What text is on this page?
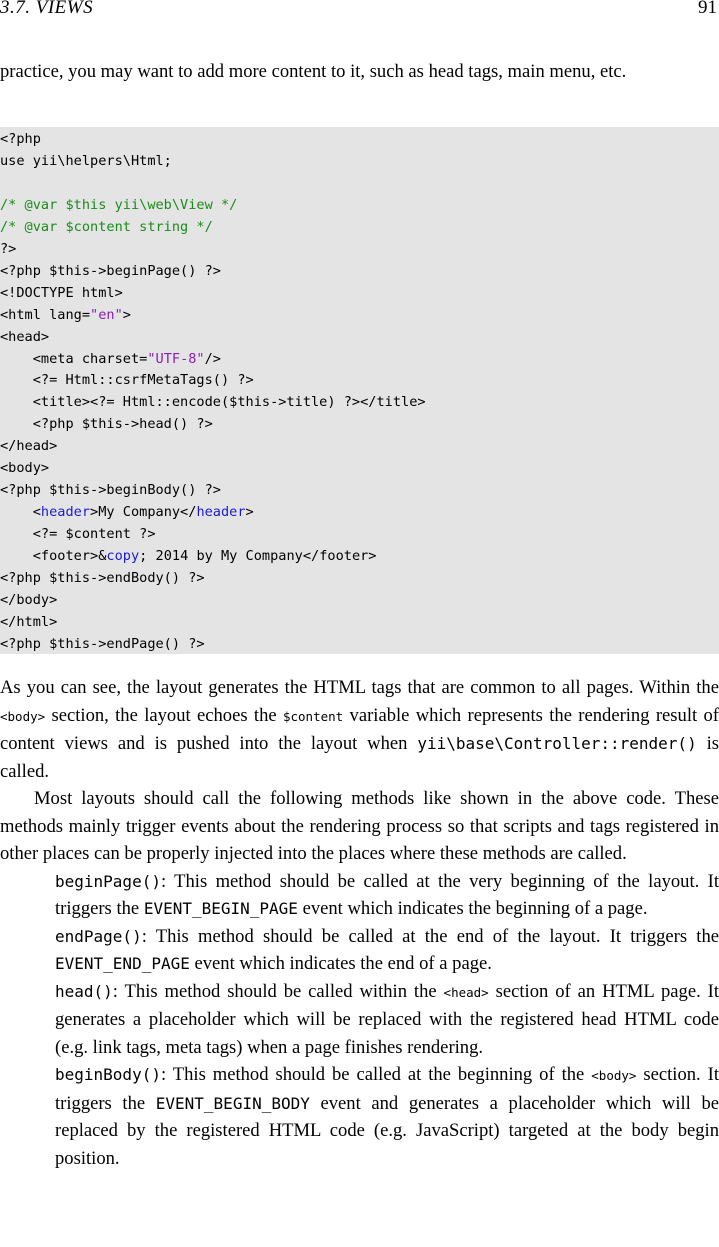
3.7. VIEWS	91
practice, you may want to add more content to it, such as head tags, main menu, etc.
<?php
use yii\helpers\Html;

/* @var $this yii\web\View */
/* @var $content string */
?>
<?php $this->beginPage() ?>
<!DOCTYPE html>
<html lang="en">
<head>
<meta charset="UTF-8"/>
<?= Html::csrfMetaTags() ?>
<title><?= Html::encode($this->title) ?></title>
<?php $this->head() ?>
</head>
<body>
<?php $this->beginBody() ?>
<header>My Company</header>
<?= $content ?>
<footer>&copy; 2014 by My Company</footer>
<?php $this->endBody() ?>
</body>
</html>
<?php $this->endPage() ?>

As you can see, the layout generates the HTML tags that are common to all pages. Within the <body> section, the layout echoes the $content variable which represents the rendering result of content views and is pushed into the layout when yii\base\Controller::render() is called.

Most layouts should call the following methods like shown in the above code. These methods mainly trigger events about the rendering process so that scripts and tags registered in other places can be properly injected into the places where these methods are called.

beginPage(): This method should be called at the very beginning of the layout. It triggers the EVENT_BEGIN_PAGE event which indicates the beginning of a page.

endPage(): This method should be called at the end of the layout. It triggers the EVENT_END_PAGE event which indicates the end of a page.

head(): This method should be called within the <head> section of an HTML page. It generates a placeholder which will be replaced with the registered head HTML code (e.g. link tags, meta tags) when a page finishes rendering.

beginBody(): This method should be called at the beginning of the <body> section. It triggers the EVENT_BEGIN_BODY event and generates a placeholder which will be replaced by the registered HTML code (e.g. JavaScript) targeted at the body begin position.
